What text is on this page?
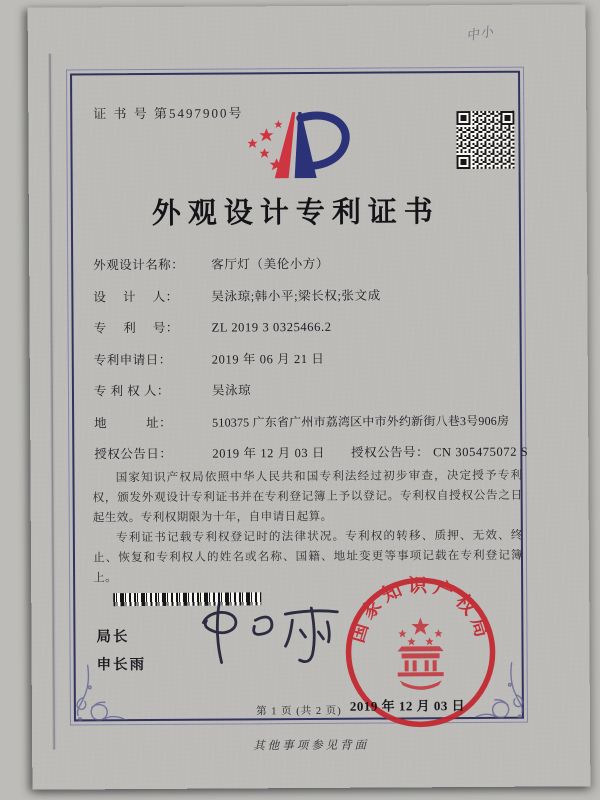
中小
证 书 号 第5497900号
外观设计专利证书
外观设计名称：	客厅灯（美伦小方）
设　 计 　人：	吴泳琼;韩小平;梁长权;张文成
专　 利 　号：	ZL 2019 3 0325466.2
专利申请日：	2019 年 06 月 21 日
专 利 权 人：	吴泳琼
地　　　址：	510375 广东省广州市荔湾区中市外约新街八巷3号906房
授权公告日：	2019 年 12 月 03 日 授权公告号： CN 305475072 S

国家知识产权局依照中华人民共和国专利法经过初步审查，决定授予专利权，颁发外观设计专利证书并在专利登记簿上予以登记。专利权自授权公告之日起生效。专利权期限为十年，自申请日起算。

专利证书记载专利权登记时的法律状况。专利权的转移、质押、无效、终止、恢复和专利权人的姓名或名称、国籍、地址变更等事项记载在专利登记簿上。

局长
申长雨
国家知识产权局
2019 年 12 月 03 日
第 1 页 (共 2 页)
其他事项参见背面
